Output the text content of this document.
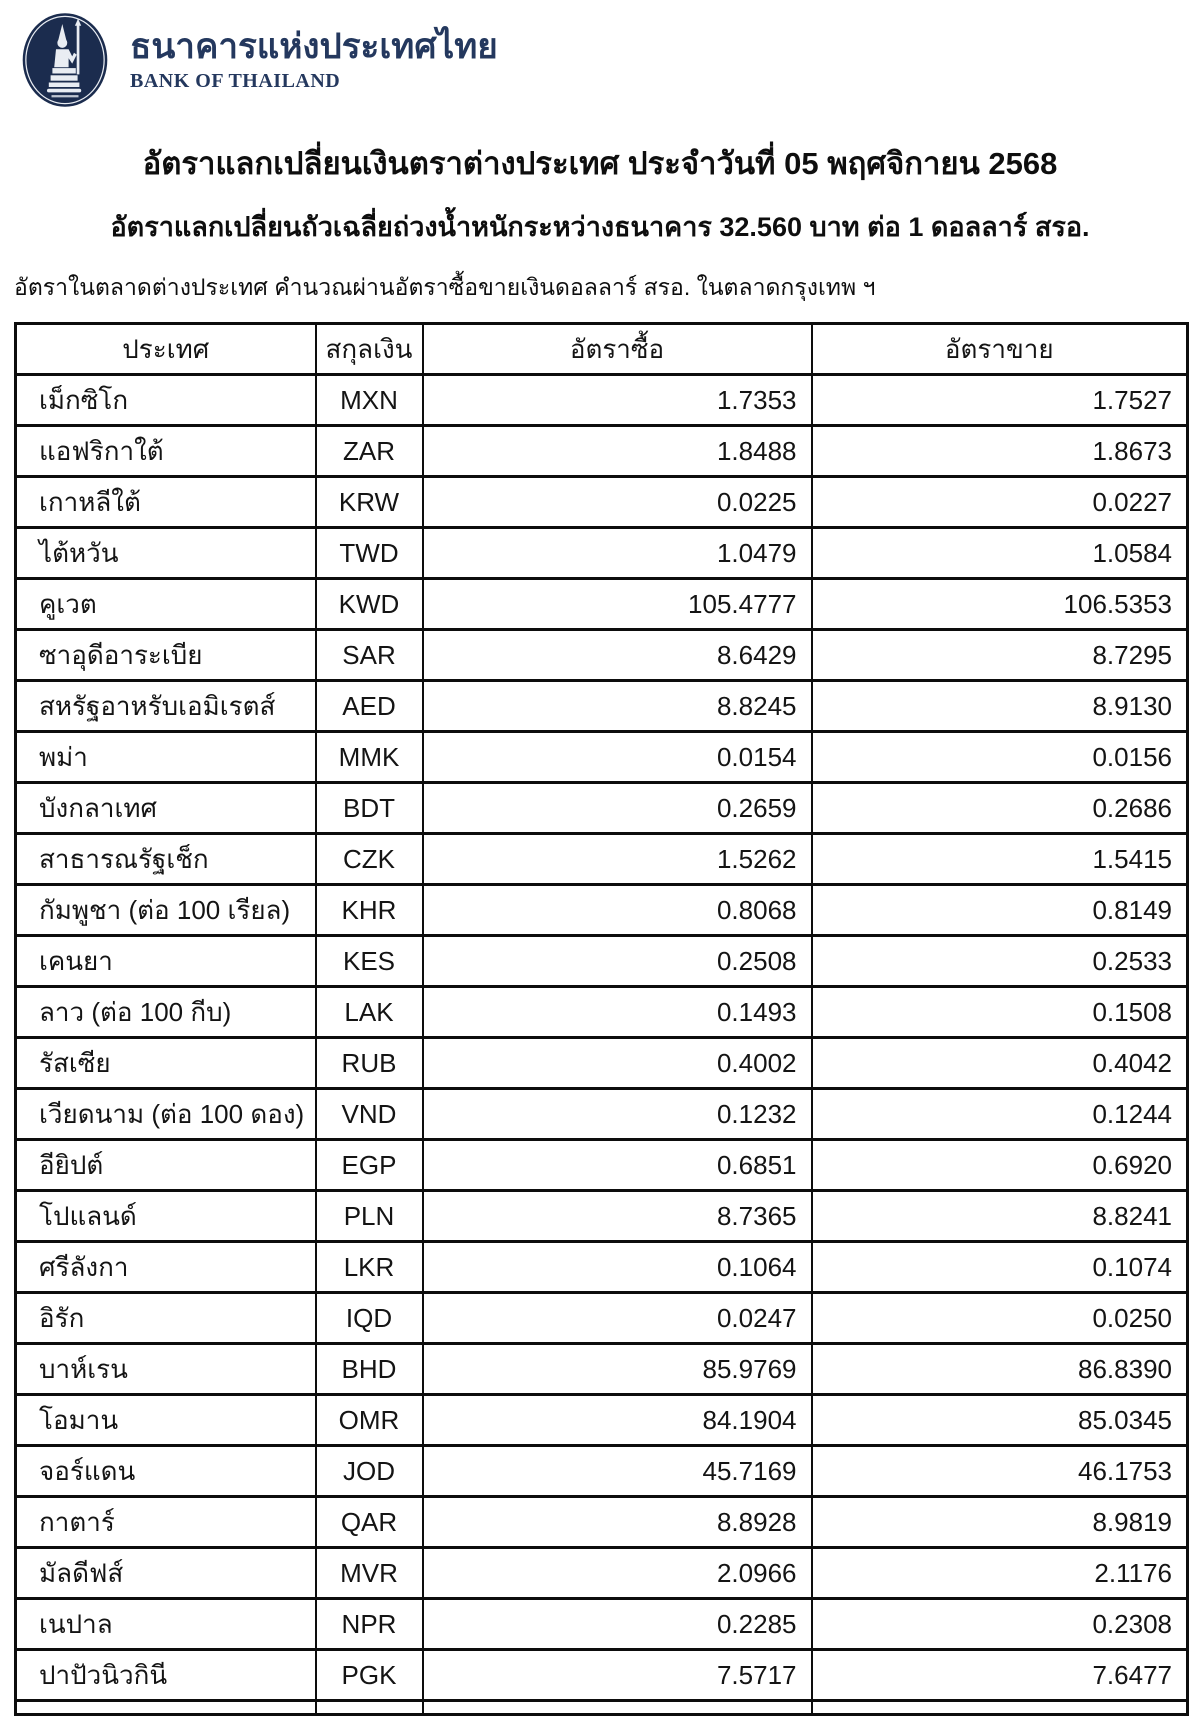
ธนาคารแห่งประเทศไทย
BANK OF THAILAND
อัตราแลกเปลี่ยนเงินตราต่างประเทศ ประจำวันที่ 05 พฤศจิกายน 2568
อัตราแลกเปลี่ยนถัวเฉลี่ยถ่วงน้ำหนักระหว่างธนาคาร 32.560 บาท ต่อ 1 ดอลลาร์ สรอ.
อัตราในตลาดต่างประเทศ คำนวณผ่านอัตราซื้อขายเงินดอลลาร์ สรอ. ในตลาดกรุงเทพ ฯ
ประเทศ	สกุลเงิน	อัตราซื้อ	อัตราขาย
เม็กซิโก	MXN	1.7353	1.7527
แอฟริกาใต้	ZAR	1.8488	1.8673
เกาหลีใต้	KRW	0.0225	0.0227
ไต้หวัน	TWD	1.0479	1.0584
คูเวต	KWD	105.4777	106.5353
ซาอุดีอาระเบีย	SAR	8.6429	8.7295
สหรัฐอาหรับเอมิเรตส์	AED	8.8245	8.9130
พม่า	MMK	0.0154	0.0156
บังกลาเทศ	BDT	0.2659	0.2686
สาธารณรัฐเช็ก	CZK	1.5262	1.5415
กัมพูชา (ต่อ 100 เรียล)	KHR	0.8068	0.8149
เคนยา	KES	0.2508	0.2533
ลาว (ต่อ 100 กีบ)	LAK	0.1493	0.1508
รัสเซีย	RUB	0.4002	0.4042
เวียดนาม (ต่อ 100 ดอง)	VND	0.1232	0.1244
อียิปต์	EGP	0.6851	0.6920
โปแลนด์	PLN	8.7365	8.8241
ศรีลังกา	LKR	0.1064	0.1074
อิรัก	IQD	0.0247	0.0250
บาห์เรน	BHD	85.9769	86.8390
โอมาน	OMR	84.1904	85.0345
จอร์แดน	JOD	45.7169	46.1753
กาตาร์	QAR	8.8928	8.9819
มัลดีฟส์	MVR	2.0966	2.1176
เนปาล	NPR	0.2285	0.2308
ปาปัวนิวกินี	PGK	7.5717	7.6477
